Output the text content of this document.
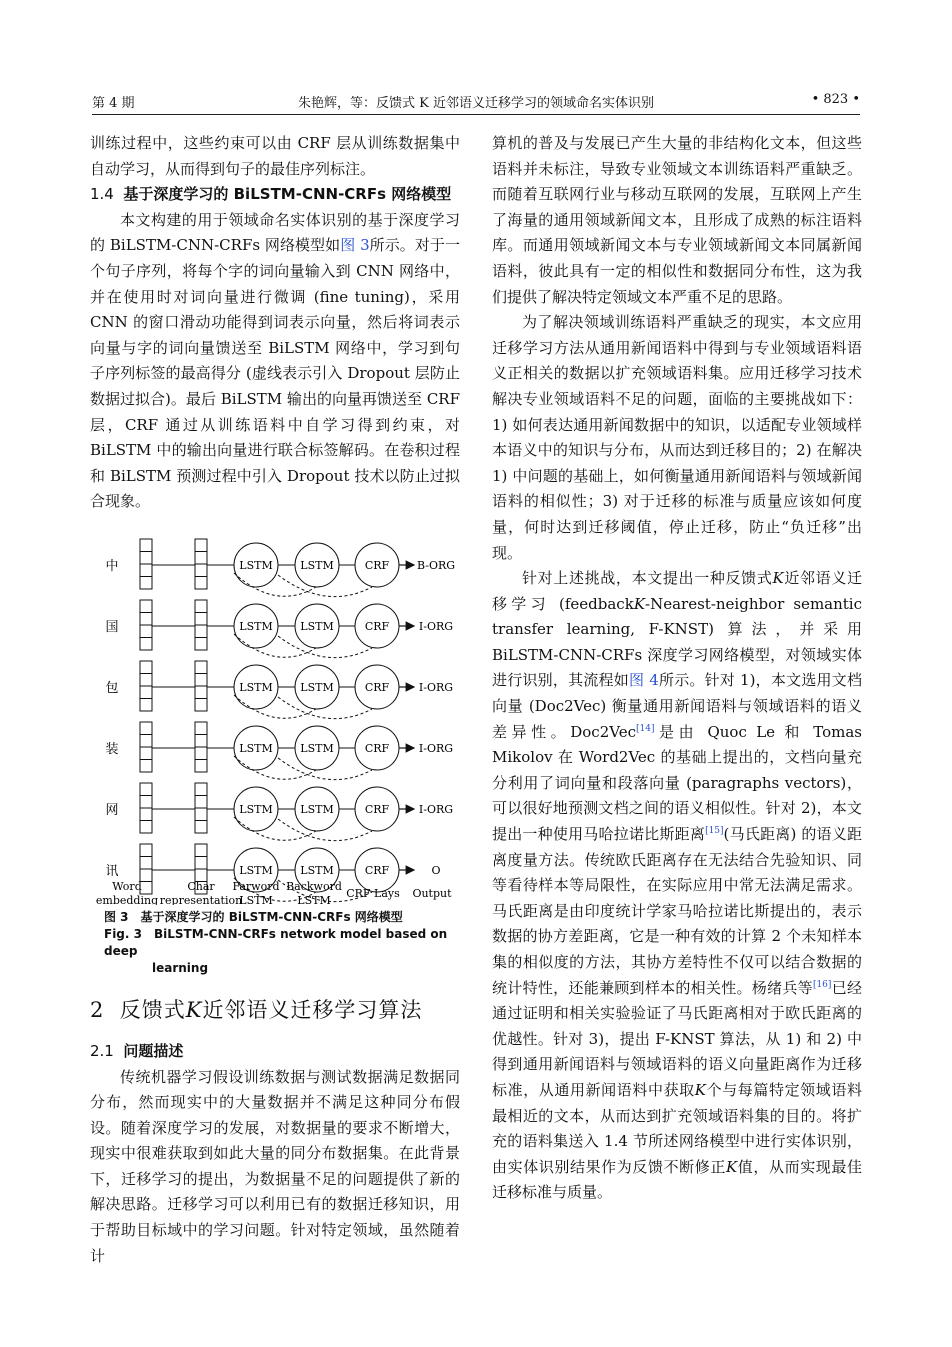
第 4 期	朱艳辉，等：反馈式 K 近邻语义迁移学习的领域命名实体识别	• 823 •

训练过程中，这些约束可以由 CRF 层从训练数据集中自动学习，从而得到句子的最佳序列标注。

1.4 基于深度学习的 BiLSTM-CNN-CRFs 网络模型

本文构建的用于领域命名实体识别的基于深度学习的 BiLSTM-CNN-CRFs 网络模型如图 3所示。对于一个句子序列，将每个字的词向量输入到 CNN 网络中，并在使用时对词向量进行微调 (fine tuning)，采用 CNN 的窗口滑动功能得到词表示向量，然后将词表示向量与字的词向量馈送至 BiLSTM 网络中，学习到句子序列标签的最高得分 (虚线表示引入 Dropout 层防止数据过拟合)。最后 BiLSTM 输出的向量再馈送至 CRF 层，CRF 通过从训练语料中自学习得到约束，对 BiLSTM 中的输出向量进行联合标签解码。在卷积过程和 BiLSTM 预测过程中引入 Dropout 技术以防止过拟合现象。

中	LSTM	LSTM	CRF	B-ORG
国	LSTM	LSTM	CRF	I-ORG
包	LSTM	LSTM	CRF	I-ORG
装	LSTM	LSTM	CRF	I-ORG
网	LSTM	LSTM	CRF	I-ORG
讯	LSTM	LSTM	CRF	O
Word
embedding
Char
representation
Farword
LSTM
Backword
LSTM
CRF Lays Output
图 3　基于深度学习的 BiLSTM-CNN-CRFs 网络模型
Fig. 3　BiLSTM-CNN-CRFs network model based on deep
learning
2 反馈式K近邻语义迁移学习算法
2.1 问题描述

传统机器学习假设训练数据与测试数据满足数据同分布，然而现实中的大量数据并不满足这种同分布假设。随着深度学习的发展，对数据量的要求不断增大，现实中很难获取到如此大量的同分布数据集。在此背景下，迁移学习的提出，为数据量不足的问题提供了新的解决思路。迁移学习可以利用已有的数据迁移知识，用于帮助目标域中的学习问题。针对特定领域，虽然随着计

算机的普及与发展已产生大量的非结构化文本，但这些语料并未标注，导致专业领域文本训练语料严重缺乏。而随着互联网行业与移动互联网的发展，互联网上产生了海量的通用领域新闻文本，且形成了成熟的标注语料库。而通用领域新闻文本与专业领域新闻文本同属新闻语料，彼此具有一定的相似性和数据同分布性，这为我们提供了解决特定领域文本严重不足的思路。

为了解决领域训练语料严重缺乏的现实，本文应用迁移学习方法从通用新闻语料中得到与专业领域语料语义正相关的数据以扩充领域语料集。应用迁移学习技术解决专业领域语料不足的问题，面临的主要挑战如下：1) 如何表达通用新闻数据中的知识，以适配专业领域样本语义中的知识与分布，从而达到迁移目的；2) 在解决 1) 中问题的基础上，如何衡量通用新闻语料与领域新闻语料的相似性；3) 对于迁移的标准与质量应该如何度量，何时达到迁移阈值，停止迁移，防止“负迁移”出现。

针对上述挑战，本文提出一种反馈式K近邻语义迁移学习 (feedbackK-Nearest-neighbor semantic transfer learning, F-KNST) 算法，并采用 BiLSTM-CNN-CRFs 深度学习网络模型，对领域实体进行识别，其流程如图 4所示。针对 1)，本文选用文档向量 (Doc2Vec) 衡量通用新闻语料与领域语料的语义差异性。Doc2Vec[14]是由 Quoc Le 和 Tomas Mikolov 在 Word2Vec 的基础上提出的，文档向量充分利用了词向量和段落向量 (paragraphs vectors)，可以很好地预测文档之间的语义相似性。针对 2)，本文提出一种使用马哈拉诺比斯距离[15](马氏距离) 的语义距离度量方法。传统欧氏距离存在无法结合先验知识、同等看待样本等局限性，在实际应用中常无法满足需求。马氏距离是由印度统计学家马哈拉诺比斯提出的，表示数据的协方差距离，它是一种有效的计算 2 个未知样本集的相似度的方法，其协方差特性不仅可以结合数据的统计特性，还能兼顾到样本的相关性。杨绪兵等[16]已经通过证明和相关实验验证了马氏距离相对于欧氏距离的优越性。针对 3)，提出 F-KNST 算法，从 1) 和 2) 中得到通用新闻语料与领域语料的语义向量距离作为迁移标准，从通用新闻语料中获取K个与每篇特定领域语料最相近的文本，从而达到扩充领域语料集的目的。将扩充的语料集送入 1.4 节所述网络模型中进行实体识别，由实体识别结果作为反馈不断修正K值，从而实现最佳迁移标准与质量。
